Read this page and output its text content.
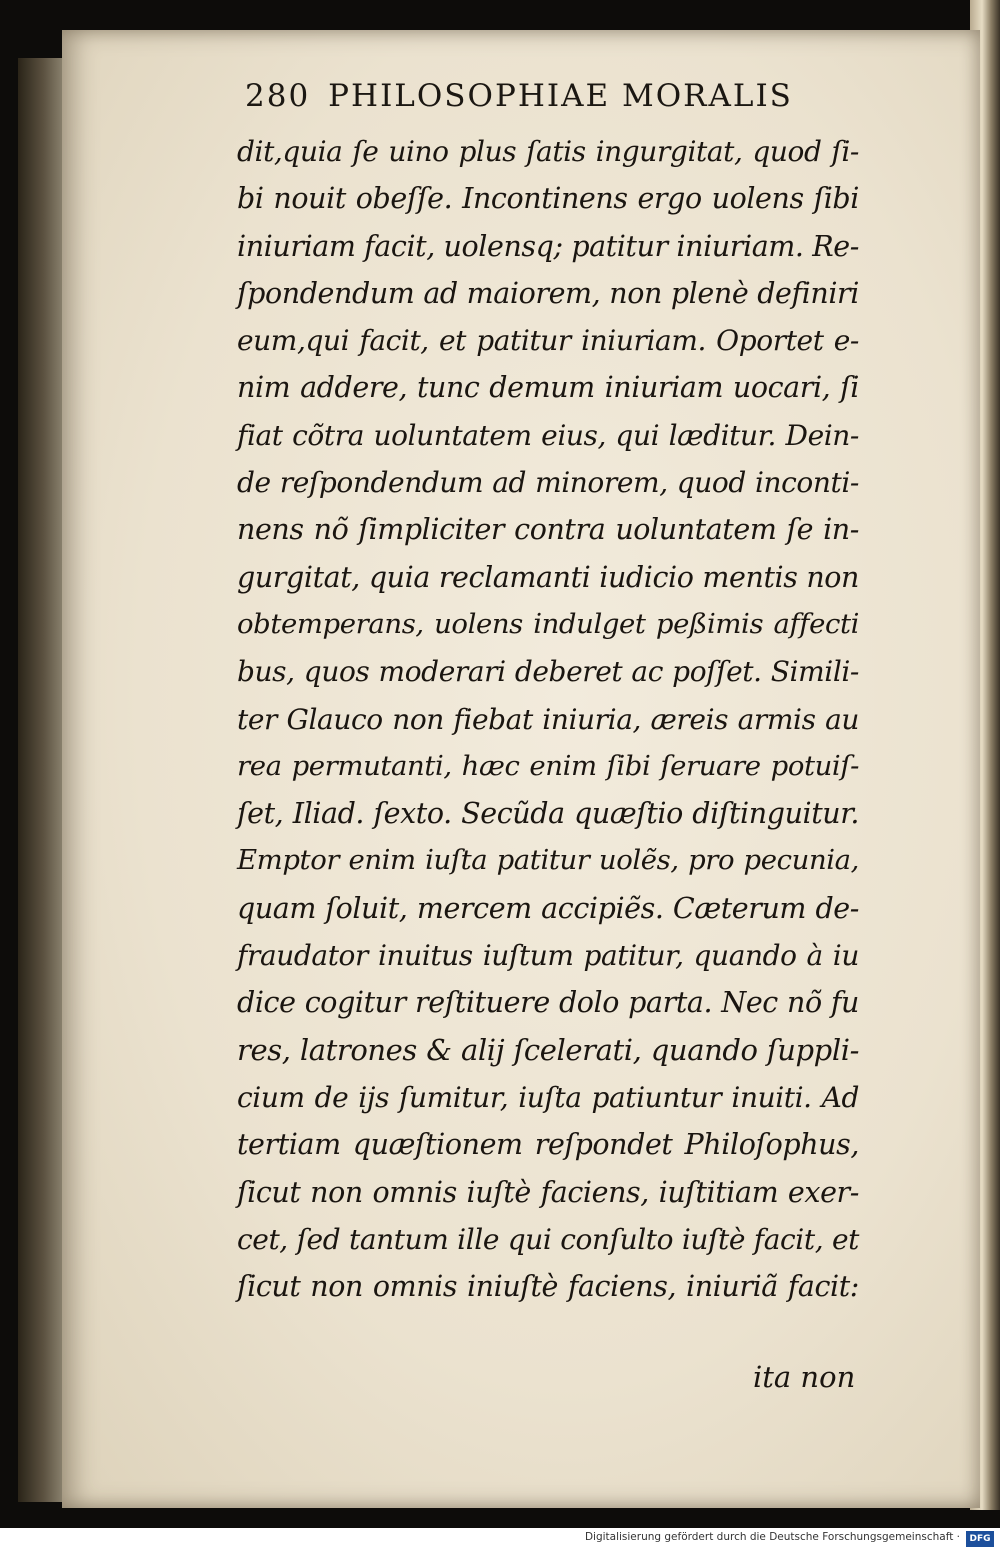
280 PHILOSOPHIAE MORALIS
dit,quia ſe uino plus ſatis ingurgitat, quod ſi-
bi nouit obeſſe. Incontinens ergo uolens ſibi
iniuriam facit, uolensq; patitur iniuriam. Re-
ſpondendum ad maiorem, non plenè definiri
eum,qui facit, et patitur iniuriam. Oportet e-
nim addere, tunc demum iniuriam uocari, ſi
fiat cõtra uoluntatem eius, qui læditur. Dein-
de reſpondendum ad minorem, quod inconti-
nens nõ ſimpliciter contra uoluntatem ſe in-
gurgitat, quia reclamanti iudicio mentis non
obtemperans, uolens indulget peßimis affecti
bus, quos moderari deberet ac poſſet. Simili-
ter Glauco non fiebat iniuria, æreis armis au
rea permutanti, hæc enim ſibi ſeruare potuiſ-
ſet, Iliad. ſexto. Secũda quæſtio diſtinguitur.
Emptor enim iuſta patitur uolẽs, pro pecunia,
quam ſoluit, mercem accipiẽs. Cæterum de-
fraudator inuitus iuſtum patitur, quando à iu
dice cogitur reſtituere dolo parta. Nec nõ fu
res, latrones & alij ſcelerati, quando ſuppli-
cium de ijs ſumitur, iuſta patiuntur inuiti. Ad
tertiam quæſtionem reſpondet Philoſophus,
ſicut non omnis iuſtè faciens, iuſtitiam exer-
cet, ſed tantum ille qui conſulto iuſtè facit, et
ſicut non omnis iniuſtè faciens, iniuriã facit:
ita non
Digitalisierung gefördert durch die Deutsche Forschungsgemeinschaft ·	DFG
